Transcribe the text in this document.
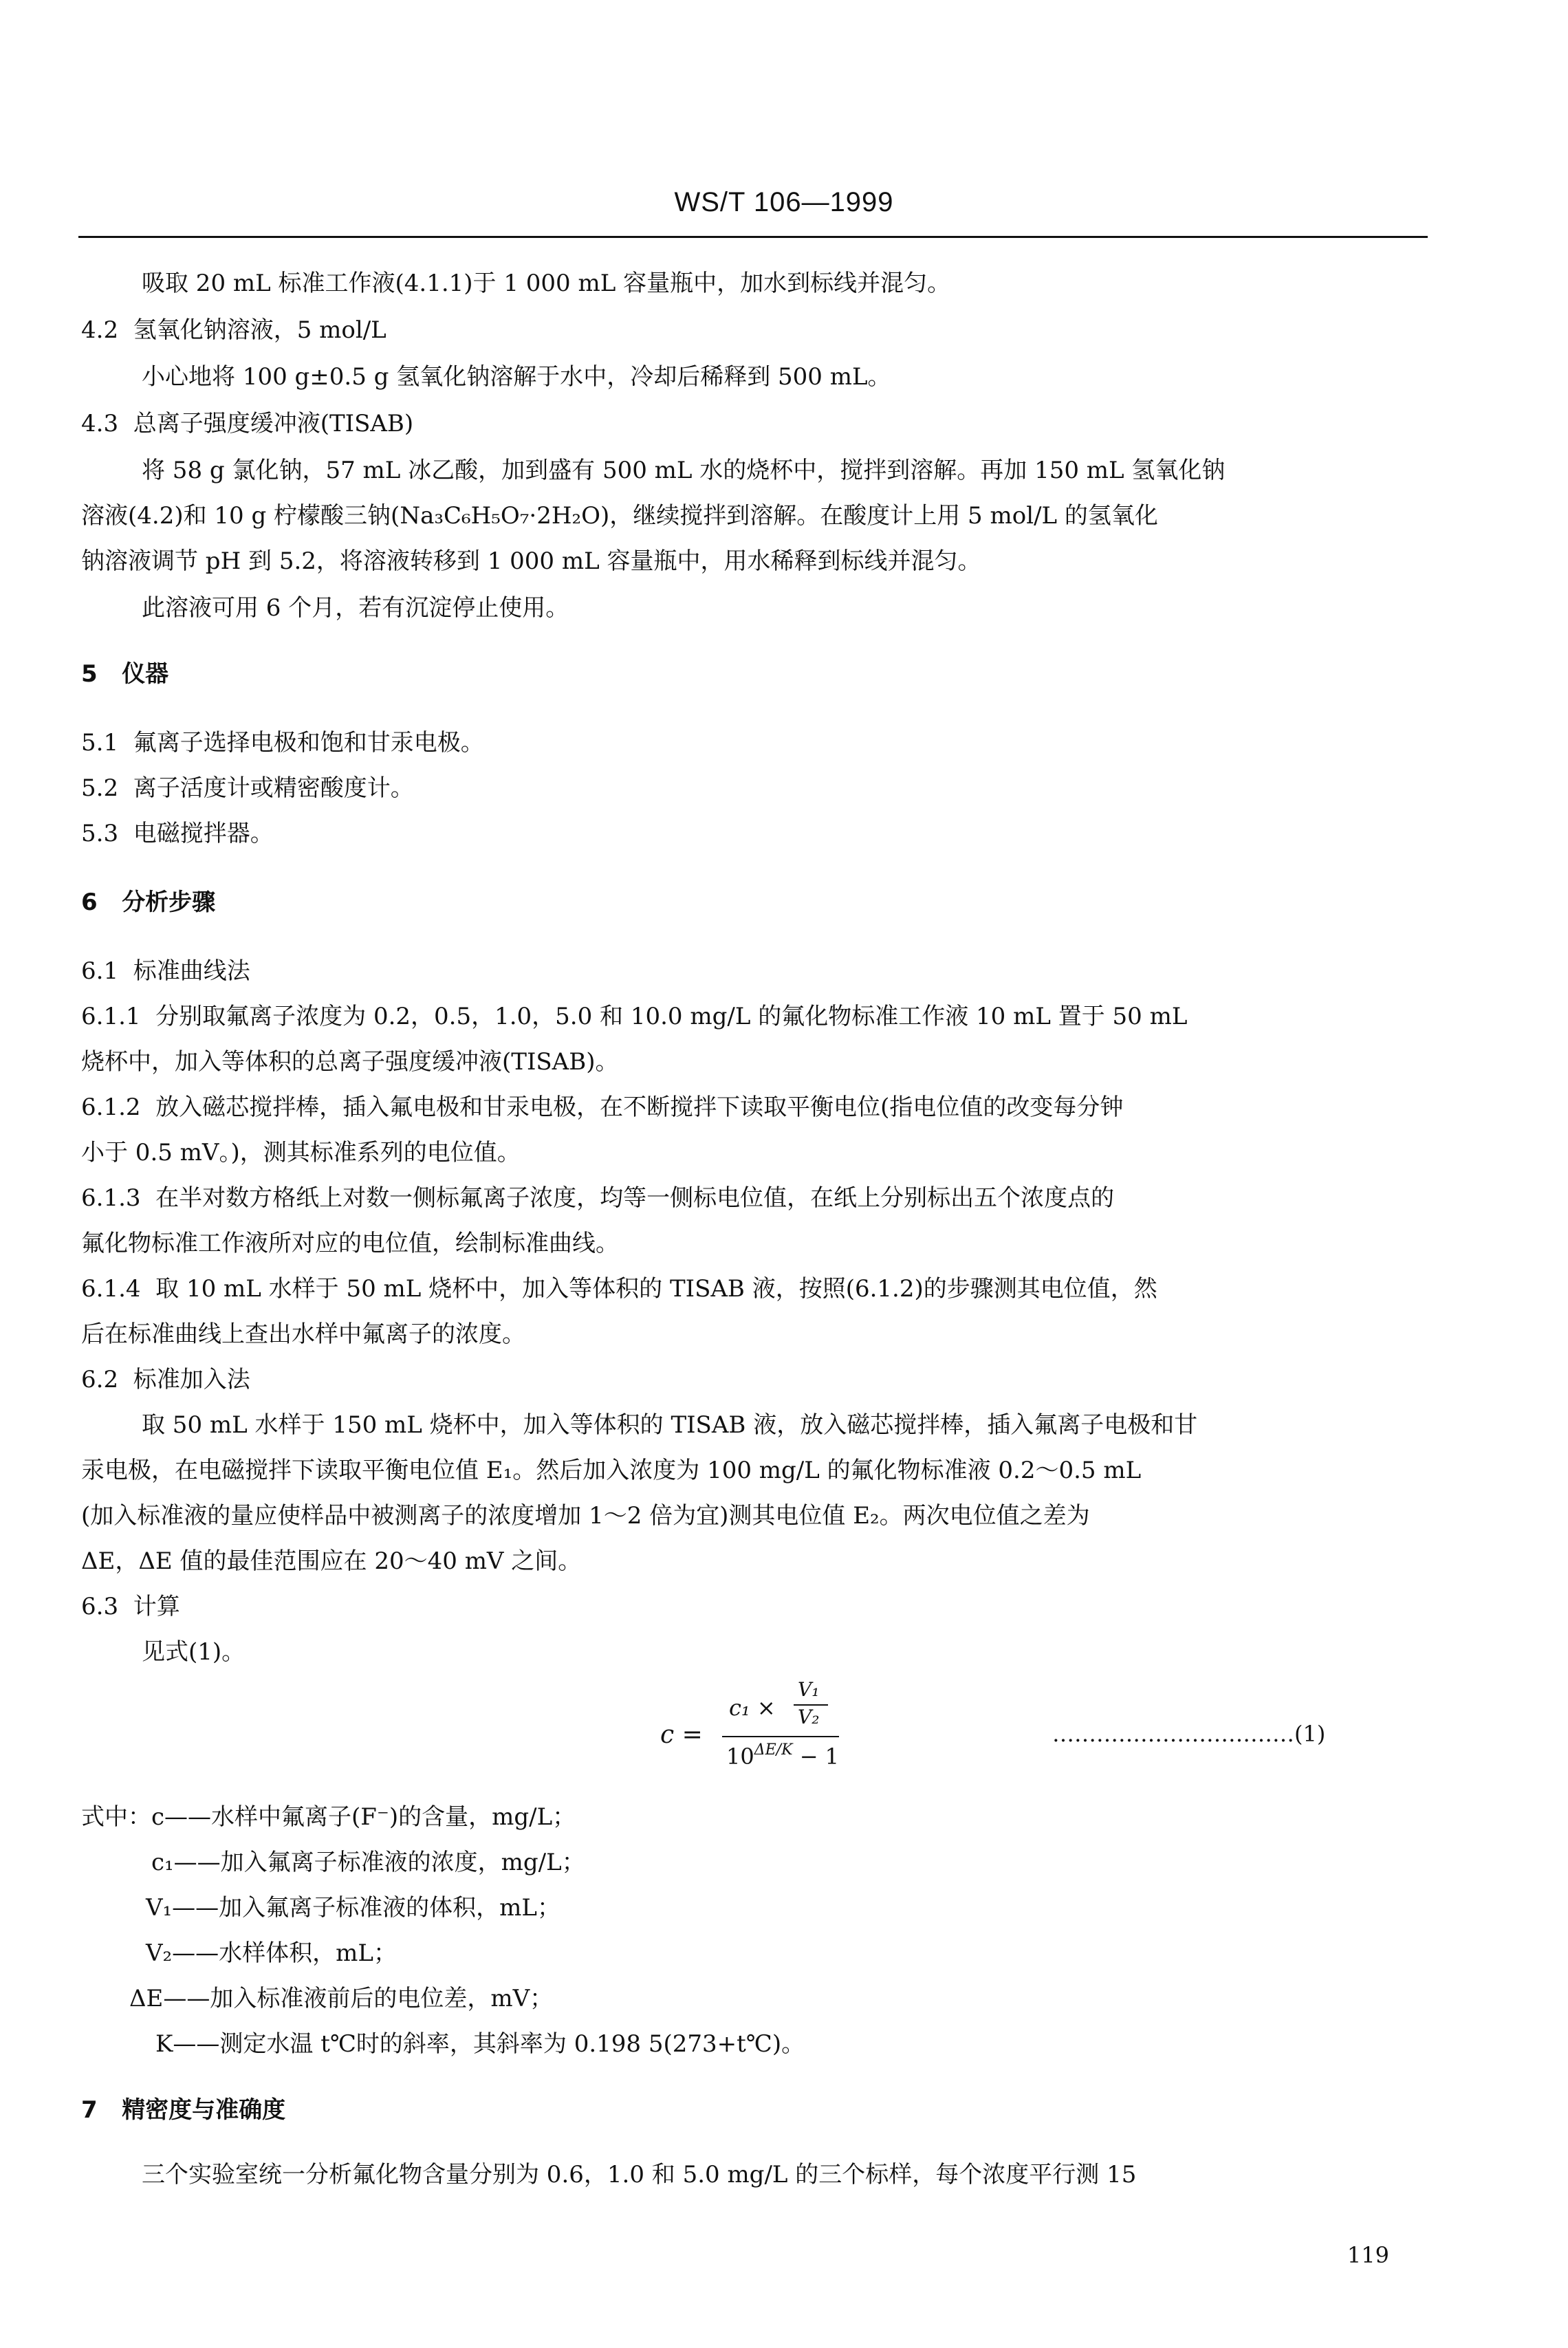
WS/T 106—1999
吸取 20 mL 标准工作液(4.1.1)于 1 000 mL 容量瓶中，加水到标线并混匀。
4.2 氢氧化钠溶液，5 mol/L
小心地将 100 g±0.5 g 氢氧化钠溶解于水中，冷却后稀释到 500 mL。
4.3 总离子强度缓冲液(TISAB)
将 58 g 氯化钠，57 mL 冰乙酸，加到盛有 500 mL 水的烧杯中，搅拌到溶解。再加 150 mL 氢氧化钠
溶液(4.2)和 10 g 柠檬酸三钠(Na₃C₆H₅O₇·2H₂O)，继续搅拌到溶解。在酸度计上用 5 mol/L 的氢氧化
钠溶液调节 pH 到 5.2，将溶液转移到 1 000 mL 容量瓶中，用水稀释到标线并混匀。
此溶液可用 6 个月，若有沉淀停止使用。
5 仪器
5.1 氟离子选择电极和饱和甘汞电极。
5.2 离子活度计或精密酸度计。
5.3 电磁搅拌器。
6 分析步骤
6.1 标准曲线法
6.1.1 分别取氟离子浓度为 0.2，0.5，1.0，5.0 和 10.0 mg/L 的氟化物标准工作液 10 mL 置于 50 mL
烧杯中，加入等体积的总离子强度缓冲液(TISAB)。
6.1.2 放入磁芯搅拌棒，插入氟电极和甘汞电极，在不断搅拌下读取平衡电位(指电位值的改变每分钟
小于 0.5 mV。)，测其标准系列的电位值。
6.1.3 在半对数方格纸上对数一侧标氟离子浓度，均等一侧标电位值，在纸上分别标出五个浓度点的
氟化物标准工作液所对应的电位值，绘制标准曲线。
6.1.4 取 10 mL 水样于 50 mL 烧杯中，加入等体积的 TISAB 液，按照(6.1.2)的步骤测其电位值，然
后在标准曲线上查出水样中氟离子的浓度。
6.2 标准加入法
取 50 mL 水样于 150 mL 烧杯中，加入等体积的 TISAB 液，放入磁芯搅拌棒，插入氟离子电极和甘
汞电极，在电磁搅拌下读取平衡电位值 E₁。然后加入浓度为 100 mg/L 的氟化物标准液 0.2～0.5 mL
(加入标准液的量应使样品中被测离子的浓度增加 1～2 倍为宜)测其电位值 E₂。两次电位值之差为
ΔE，ΔE 值的最佳范围应在 20～40 mV 之间。
6.3 计算
见式(1)。
c =
c₁ ×
V₁
V₂
$10^{\Delta E/K} - 1$
……………………………(1)
式中：c——水样中氟离子(F⁻)的含量，mg/L；
c₁——加入氟离子标准液的浓度，mg/L；
V₁——加入氟离子标准液的体积，mL；
V₂——水样体积，mL；
ΔE——加入标准液前后的电位差，mV；
K——测定水温 t℃时的斜率，其斜率为 0.198 5(273+t℃)。
7 精密度与准确度
三个实验室统一分析氟化物含量分别为 0.6，1.0 和 5.0 mg/L 的三个标样，每个浓度平行测 15
119
